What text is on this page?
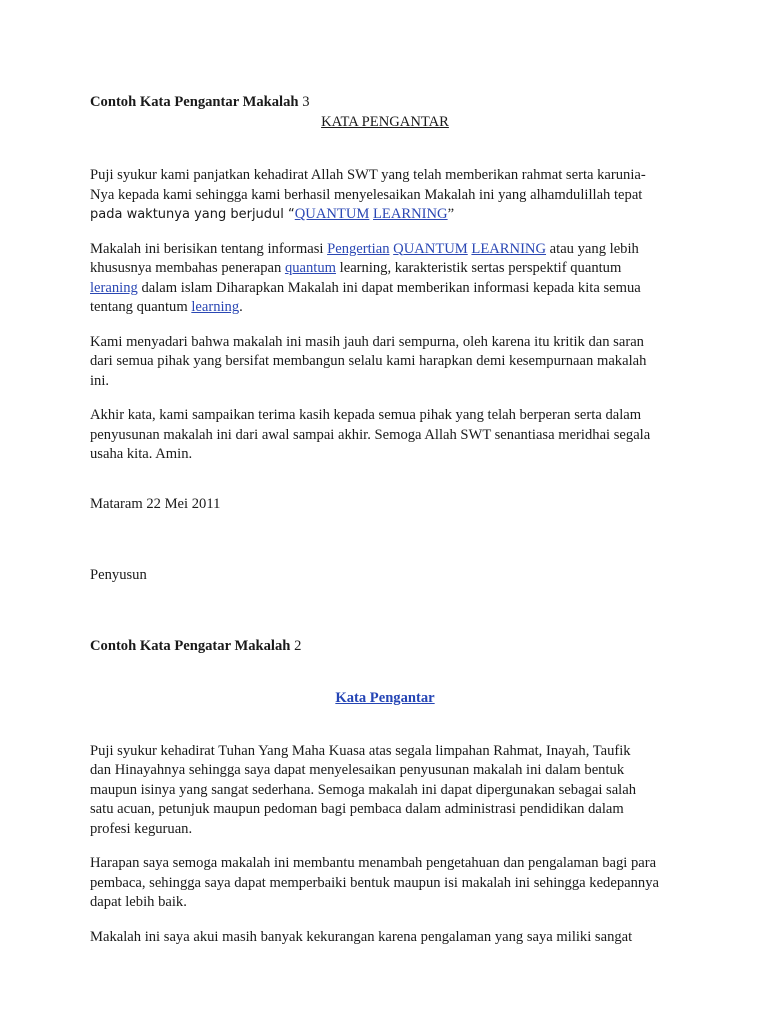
Contoh Kata Pengantar Makalah 3
KATA PENGANTAR

Puji syukur kami panjatkan kehadirat Allah SWT yang telah memberikan rahmat serta karunia-

Nya kepada kami sehingga kami berhasil menyelesaikan Makalah ini yang alhamdulillah tepat

pada waktunya yang berjudul “QUANTUM LEARNING”

Makalah ini berisikan tentang informasi Pengertian QUANTUM LEARNING atau yang lebih

khususnya membahas penerapan quantum learning, karakteristik sertas perspektif quantum

leraning dalam islam Diharapkan Makalah ini dapat memberikan informasi kepada kita semua

tentang quantum learning.

Kami menyadari bahwa makalah ini masih jauh dari sempurna, oleh karena itu kritik dan saran

dari semua pihak yang bersifat membangun selalu kami harapkan demi kesempurnaan makalah

ini.

Akhir kata, kami sampaikan terima kasih kepada semua pihak yang telah berperan serta dalam

penyusunan makalah ini dari awal sampai akhir. Semoga Allah SWT senantiasa meridhai segala

usaha kita. Amin.

Mataram 22 Mei 2011

Penyusun

Contoh Kata Pengatar Makalah 2
Kata Pengantar

Puji syukur kehadirat Tuhan Yang Maha Kuasa atas segala limpahan Rahmat, Inayah, Taufik

dan Hinayahnya sehingga saya dapat menyelesaikan penyusunan makalah ini dalam bentuk

maupun isinya yang sangat sederhana. Semoga makalah ini dapat dipergunakan sebagai salah

satu acuan, petunjuk maupun pedoman bagi pembaca dalam administrasi pendidikan dalam

profesi keguruan.

Harapan saya semoga makalah ini membantu menambah pengetahuan dan pengalaman bagi para

pembaca, sehingga saya dapat memperbaiki bentuk maupun isi makalah ini sehingga kedepannya

dapat lebih baik.

Makalah ini saya akui masih banyak kekurangan karena pengalaman yang saya miliki sangat
